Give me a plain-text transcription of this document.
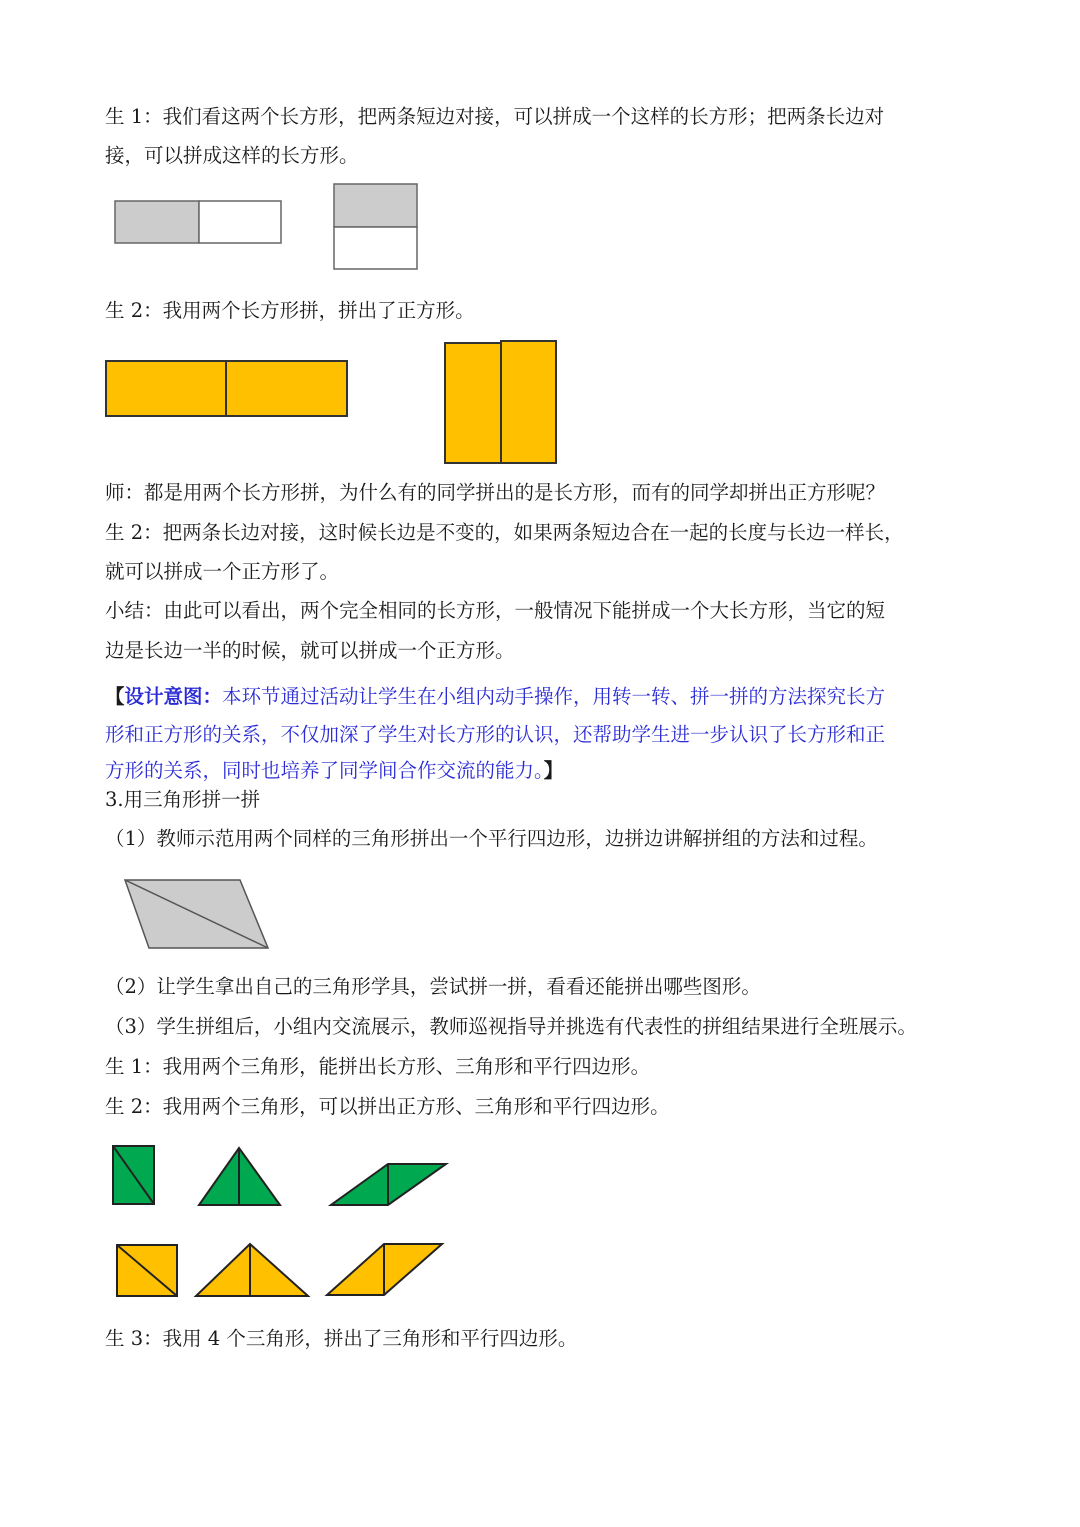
生 1：我们看这两个长方形，把两条短边对接，可以拼成一个这样的长方形；把两条长边对
接，可以拼成这样的长方形。
生 2：我用两个长方形拼，拼出了正方形。
师：都是用两个长方形拼，为什么有的同学拼出的是长方形，而有的同学却拼出正方形呢？
生 2：把两条长边对接，这时候长边是不变的，如果两条短边合在一起的长度与长边一样长，
就可以拼成一个正方形了。
小结：由此可以看出，两个完全相同的长方形，一般情况下能拼成一个大长方形，当它的短
边是长边一半的时候，就可以拼成一个正方形。
【设计意图：本环节通过活动让学生在小组内动手操作，用转一转、拼一拼的方法探究长方
形和正方形的关系，不仅加深了学生对长方形的认识，还帮助学生进一步认识了长方形和正
方形的关系，同时也培养了同学间合作交流的能力。】
3.用三角形拼一拼
（1）教师示范用两个同样的三角形拼出一个平行四边形，边拼边讲解拼组的方法和过程。
（2）让学生拿出自己的三角形学具，尝试拼一拼，看看还能拼出哪些图形。
（3）学生拼组后，小组内交流展示，教师巡视指导并挑选有代表性的拼组结果进行全班展示。
生 1：我用两个三角形，能拼出长方形、三角形和平行四边形。
生 2：我用两个三角形，可以拼出正方形、三角形和平行四边形。
生 3：我用 4 个三角形，拼出了三角形和平行四边形。
